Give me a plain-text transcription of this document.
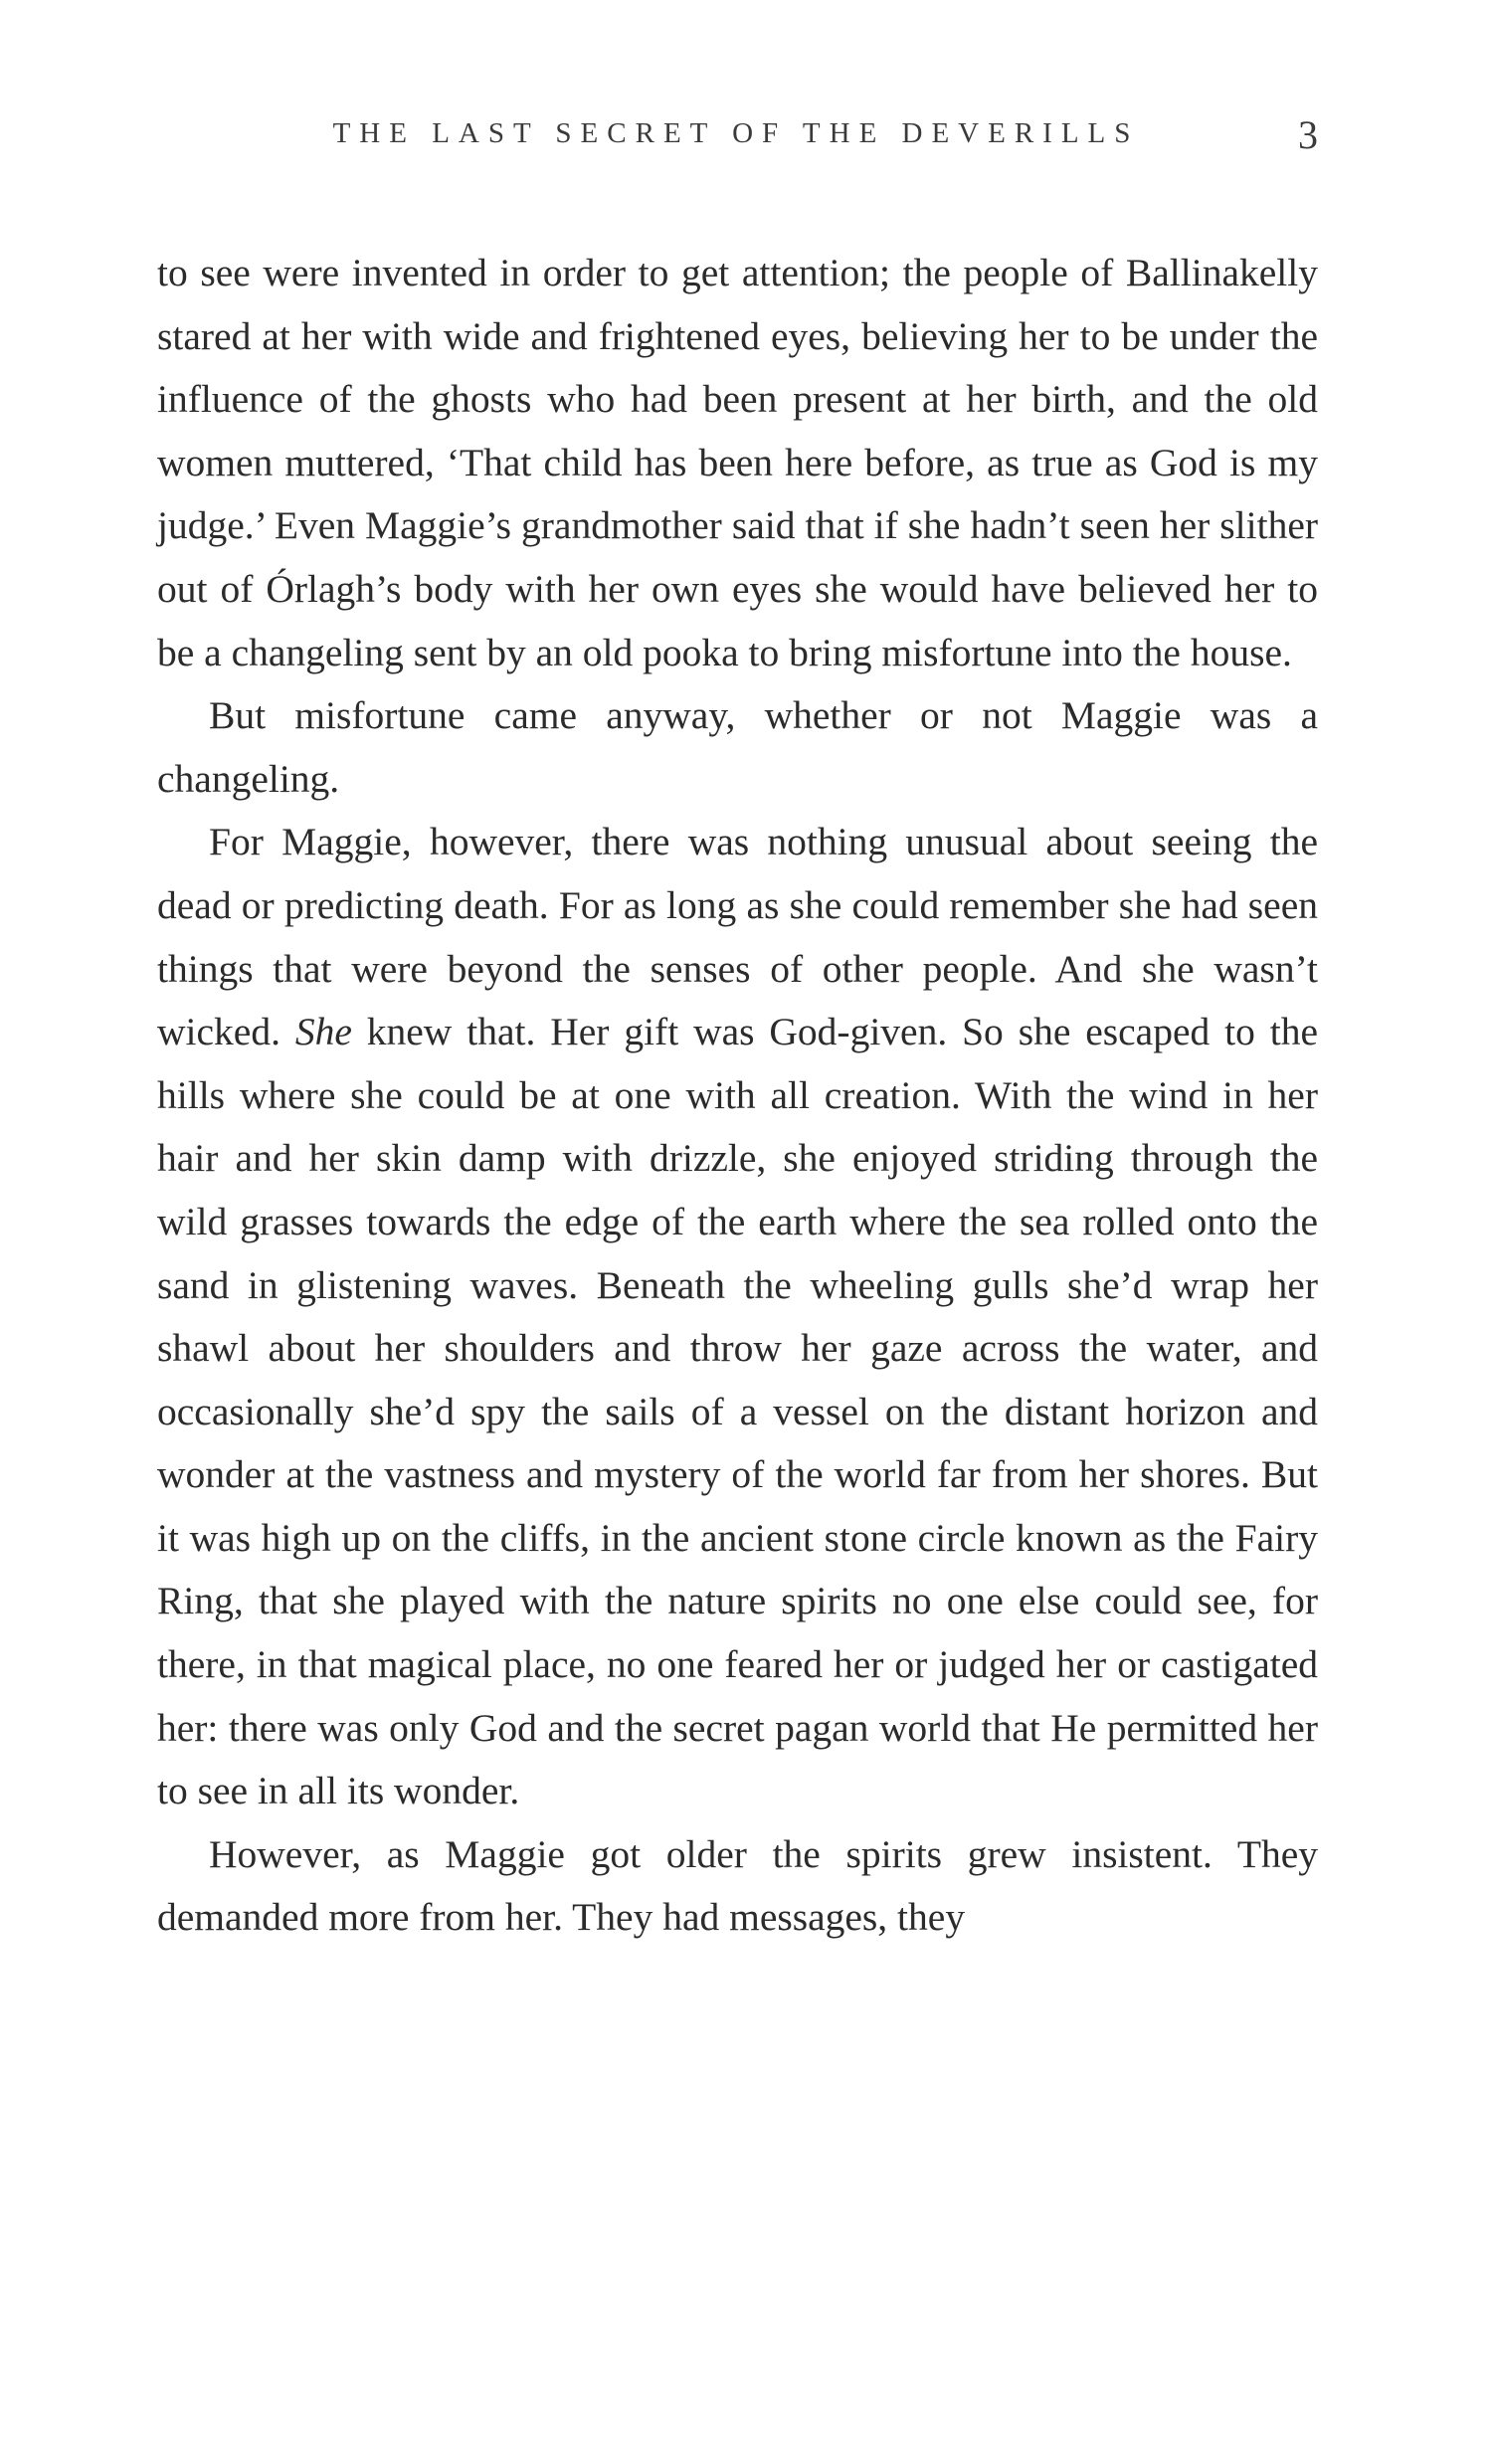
THE LAST SECRET OF THE DEVERILLS	3

to see were invented in order to get attention; the people of Ballinakelly stared at her with wide and frightened eyes, believing her to be under the influence of the ghosts who had been present at her birth, and the old women muttered, ‘That child has been here before, as true as God is my judge.’ Even Maggie’s grandmother said that if she hadn’t seen her slither out of Órlagh’s body with her own eyes she would have believed her to be a changeling sent by an old pooka to bring misfortune into the house.

But misfortune came anyway, whether or not Maggie was a changeling.

For Maggie, however, there was nothing unusual about seeing the dead or predicting death. For as long as she could remember she had seen things that were beyond the senses of other people. And she wasn’t wicked. She knew that. Her gift was God-given. So she escaped to the hills where she could be at one with all creation. With the wind in her hair and her skin damp with drizzle, she enjoyed striding through the wild grasses towards the edge of the earth where the sea rolled onto the sand in glistening waves. Beneath the wheeling gulls she’d wrap her shawl about her shoulders and throw her gaze across the water, and occasionally she’d spy the sails of a vessel on the distant horizon and wonder at the vastness and mystery of the world far from her shores. But it was high up on the cliffs, in the ancient stone circle known as the Fairy Ring, that she played with the nature spirits no one else could see, for there, in that magical place, no one feared her or judged her or castigated her: there was only God and the secret pagan world that He permitted her to see in all its wonder.

However, as Maggie got older the spirits grew insistent. They demanded more from her. They had messages, they
